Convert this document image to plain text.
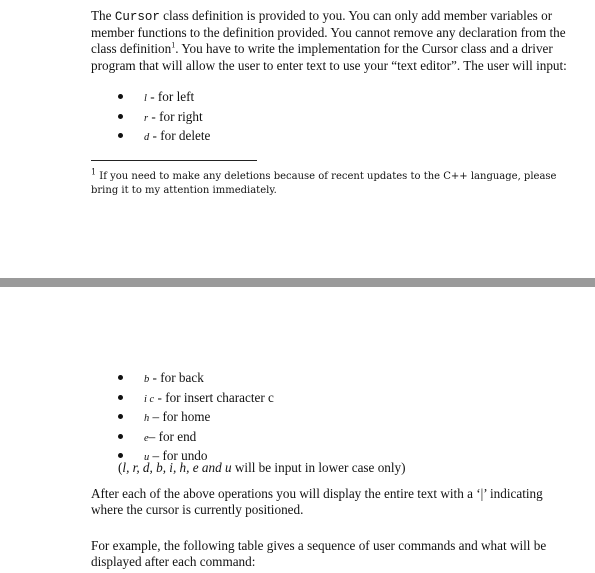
The Cursor class definition is provided to you. You can only add member variables or member functions to the definition provided. You cannot remove any declaration from the class definition$^1$. You have to write the implementation for the Cursor class and a driver program that will allow the user to enter text to use your “text editor”. The user will input:

l - for left
r - for right
d - for delete

$^1$ If you need to make any deletions because of recent updates to the C++ language, please bring it to my attention immediately.

b - for back
i c - for insert character c
h – for home
e– for end
u – for undo
(l, r, d, b, i, h, e and u will be input in lower case only)

After each of the above operations you will display the entire text with a ‘|’ indicating where the cursor is currently positioned.

For example, the following table gives a sequence of user commands and what will be displayed after each command:
